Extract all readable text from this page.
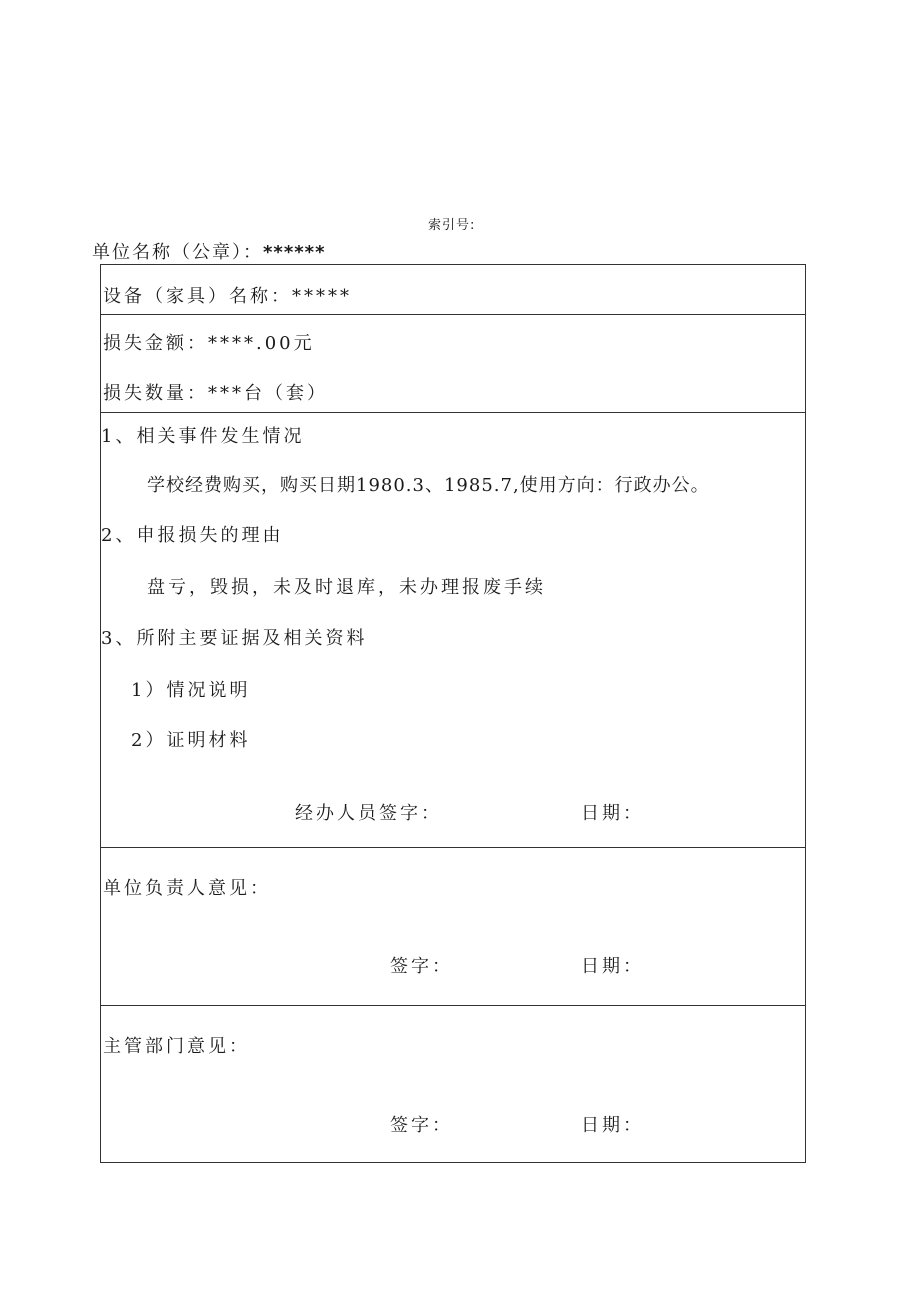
索引号:
单位名称（公章）：******
设备（家具）名称：*****
损失金额：****.00元
损失数量：***台（套）
1、相关事件发生情况
学校经费购买，购买日期1980.3、1985.7,使用方向：行政办公。
2、申报损失的理由
盘亏，毁损，未及时退库，未办理报废手续
3、所附主要证据及相关资料
1）情况说明
2）证明材料
经办人员签字：	日期：
单位负责人意见：
签字：	日期：
主管部门意见：
签字：	日期：
